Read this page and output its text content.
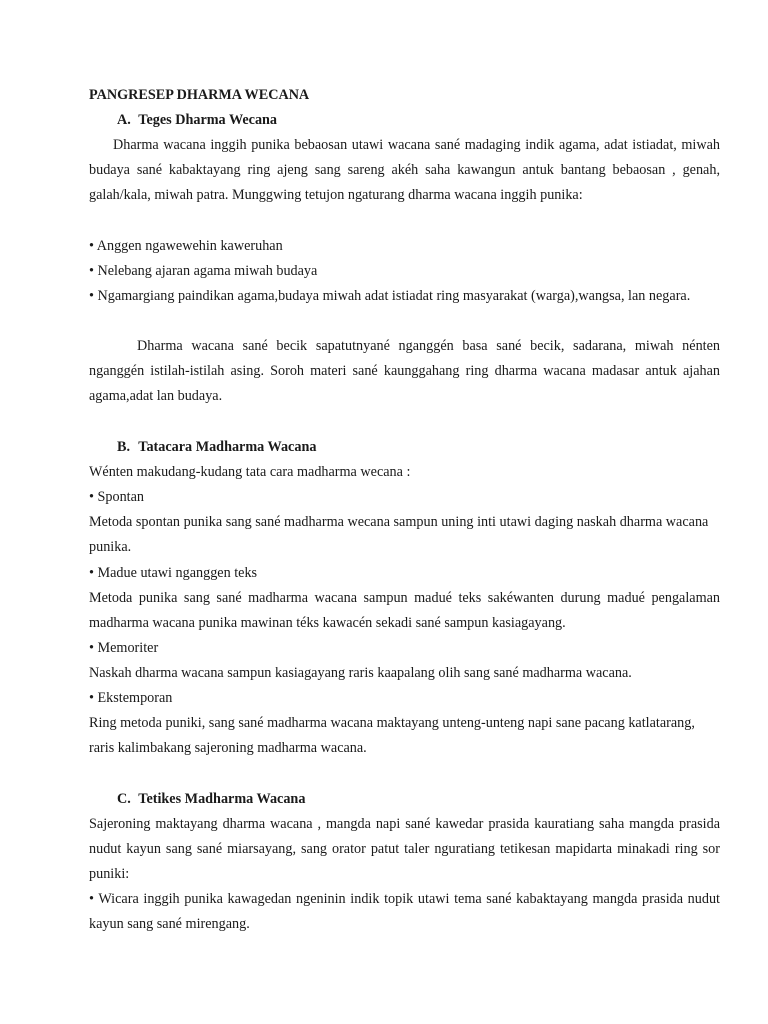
PANGRESEP DHARMA WECANA
A. Teges Dharma Wecana

Dharma wacana inggih punika bebaosan utawi wacana sané madaging indik agama, adat istiadat, miwah budaya sané kabaktayang ring ajeng sang sareng akéh saha kawangun antuk bantang bebaosan , genah, galah/kala, miwah patra. Munggwing tetujon ngaturang dharma wacana inggih punika:

• Anggen ngawewehin kaweruhan

• Nelebang ajaran agama miwah budaya

• Ngamargiang paindikan agama,budaya miwah adat istiadat ring masyarakat (warga),wangsa, lan negara.

Dharma wacana sané becik sapatutnyané nganggén basa sané becik, sadarana, miwah nénten nganggén istilah-istilah asing. Soroh materi sané kaunggahang ring dharma wacana madasar antuk ajahan agama,adat lan budaya.

B. Tatacara Madharma Wacana

Wénten makudang-kudang tata cara madharma wecana :

• Spontan

Metoda spontan punika sang sané madharma wecana sampun uning inti utawi daging naskah dharma wacana punika.

• Madue utawi nganggen teks

Metoda punika sang sané madharma wacana sampun madué teks sakéwanten durung madué pengalaman madharma wacana punika mawinan téks kawacén sekadi sané sampun kasiagayang.

• Memoriter

Naskah dharma wacana sampun kasiagayang raris kaapalang olih sang sané madharma wacana.

• Ekstemporan

Ring metoda puniki, sang sané madharma wacana maktayang unteng-unteng napi sane pacang katlatarang, raris kalimbakang sajeroning madharma wacana.

C. Tetikes Madharma Wacana

Sajeroning maktayang dharma wacana , mangda napi sané kawedar prasida kauratiang saha mangda prasida nudut kayun sang sané miarsayang, sang orator patut taler nguratiang tetikesan mapidarta minakadi ring sor puniki:

• Wicara inggih punika kawagedan ngeninin indik topik utawi tema sané kabaktayang mangda prasida nudut kayun sang sané mirengang.
